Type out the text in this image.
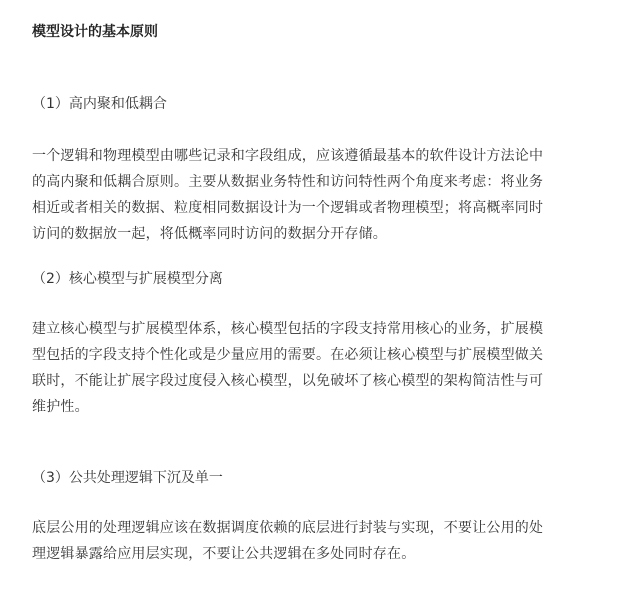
模型设计的基本原则
（1）高内聚和低耦合
一个逻辑和物理模型由哪些记录和字段组成，应该遵循最基本的软件设计方法论中
的高内聚和低耦合原则。主要从数据业务特性和访问特性两个角度来考虑：将业务
相近或者相关的数据、粒度相同数据设计为一个逻辑或者物理模型；将高概率同时
访问的数据放一起，将低概率同时访问的数据分开存储。
（2）核心模型与扩展模型分离
建立核心模型与扩展模型体系，核心模型包括的字段支持常用核心的业务，扩展模
型包括的字段支持个性化或是少量应用的需要。在必须让核心模型与扩展模型做关
联时，不能让扩展字段过度侵入核心模型，以免破坏了核心模型的架构简洁性与可
维护性。
（3）公共处理逻辑下沉及单一
底层公用的处理逻辑应该在数据调度依赖的底层进行封装与实现，不要让公用的处
理逻辑暴露给应用层实现，不要让公共逻辑在多处同时存在。
